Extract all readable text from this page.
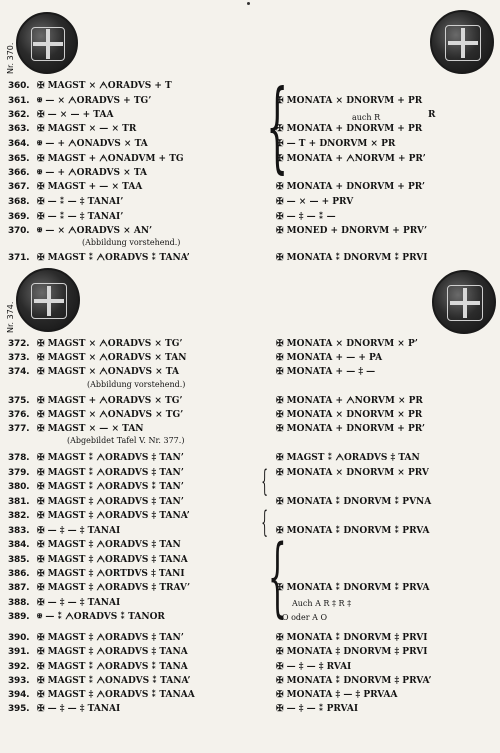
Nr. 370.
Nr. 374.
{
{
{
{
360. ✠ MAGST × ᗅORADVS + T
361. ✠ — × ᗅORADVS + TG’	✠ MONATA × DNORVM + PR
362. ✠ — × — + TAA	R
363. ✠ MAGST × — × TR	✠ MONATA + DNORVM + PR
364. ✠ — + ᗅONADVS × TA	✠ — T + DNORVM × PR
365. ✠ MAGST + ᗅONADVM + TG	✠ MONATA + ᗅNORVM + PR’
366. ✠ — + ᗅORADVS × TA
367. ✠ MAGST + — × TAA	✠ MONATA + DNORVM + PR’
368. ✠ — ⁑ — ‡ TANAI’	✠ — × — + PRV
369. ✠ — ⁑ — ‡ TANAI’	✠ — ‡ — ⁑ —
370. ✠ — × ᗅORADVS × AN’	✠ MONED + DNORVM + PRV’
371. ✠ MAGST ⁑ ᗅORADVS ⁑ TANA’	✠ MONATA ⁑ DNORVM ⁑ PRVI
auch R
(Abbildung vorstehend.)
372. ✠ MAGST × ᗅORADVS × TG’	✠ MONATA × DNORVM × P’
373. ✠ MAGST × ᗅORADVS × TAN	✠ MONATA + — + PA
374. ✠ MAGST × ᗅONADVS × TA	✠ MONATA + — ‡ —
375. ✠ MAGST + ᗅORADVS × TG’	✠ MONATA + ᗅNORVM × PR
376. ✠ MAGST × ᗅONADVS × TG’	✠ MONATA × DNORVM × PR
377. ✠ MAGST × — × TAN	✠ MONATA + DNORVM + PR’
378. ✠ MAGST ⁑ ᗅORADVS ‡ TAN’	✠ MAGST ⁑ ᗅORADVS ‡ TAN
379. ✠ MAGST ⁑ ᗅORADVS ‡ TAN’	✠ MONATA × DNORVM × PRV
380. ✠ MAGST ⁑ ᗅORADVS ⁑ TAN’
381. ✠ MAGST ‡ ᗅORADVS ‡ TAN’	✠ MONATA ⁑ DNORVM ⁑ PVNA
382. ✠ MAGST ‡ ᗅORADVS ‡ TANA’
383. ✠ — ‡ — ‡ TANAI	✠ MONATA ⁑ DNORVM ⁑ PRVA
384. ✠ MAGST ‡ ᗅORADVS ‡ TAN
385. ✠ MAGST ‡ ᗅORADVS ‡ TANA
386. ✠ MAGST ‡ ᗅORTDVS ‡ TANI
387. ✠ MAGST ‡ ᗅORADVS ‡ TRAV’	✠ MONATA ⁑ DNORVM ⁑ PRVA
388. ✠ — ‡ — ‡ TANAI	Auch A R ‡ R ‡
389. ✠ — ⁑ ᗅORADVS ⁑ TANOR	O oder A O
390. ✠ MAGST ‡ ᗅORADVS ‡ TAN’	✠ MONATA ⁑ DNORVM ‡ PRVI
391. ✠ MAGST ‡ ᗅORADVS ‡ TANA	✠ MONATA ‡ DNORVM ‡ PRVI
392. ✠ MAGST ⁑ ᗅORADVS ⁑ TANA	✠ — ‡ — ‡ RVAI
393. ✠ MAGST ⁑ ᗅONADVS ⁑ TANA’	✠ MONATA ⁑ DNORVM ‡ PRVA’
394. ✠ MAGST ‡ ᗅORADVS ⁑ TANAA	✠ MONATA ‡ — ‡ PRVAA
395. ✠ — ‡ — ‡ TANAI	✠ — ‡ — ⁑ PRVAI
(Abbildung vorstehend.)
(Abgebildet Tafel V. Nr. 377.)
